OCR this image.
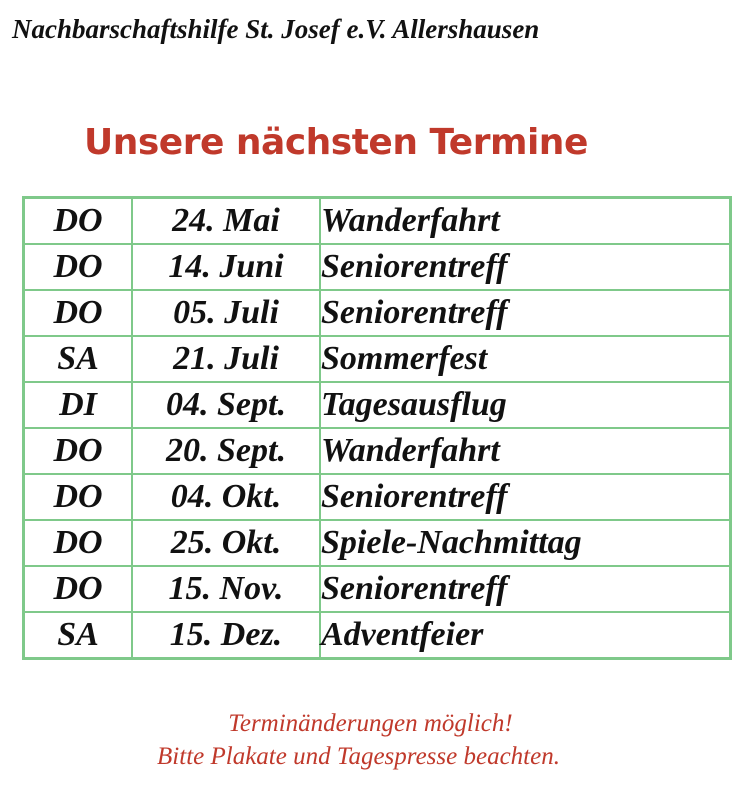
Nachbarschaftshilfe St. Josef e.V. Allershausen
Unsere nächsten Termine
DO	24. Mai	Wanderfahrt
DO	14. Juni	Seniorentreff
DO	05. Juli	Seniorentreff
SA	21. Juli	Sommerfest
DI	04. Sept.	Tagesausflug
DO	20. Sept.	Wanderfahrt
DO	04. Okt.	Seniorentreff
DO	25. Okt.	Spiele-Nachmittag
DO	15. Nov.	Seniorentreff
SA	15. Dez.	Adventfeier
Terminänderungen möglich!
Bitte Plakate und Tagespresse beachten.
